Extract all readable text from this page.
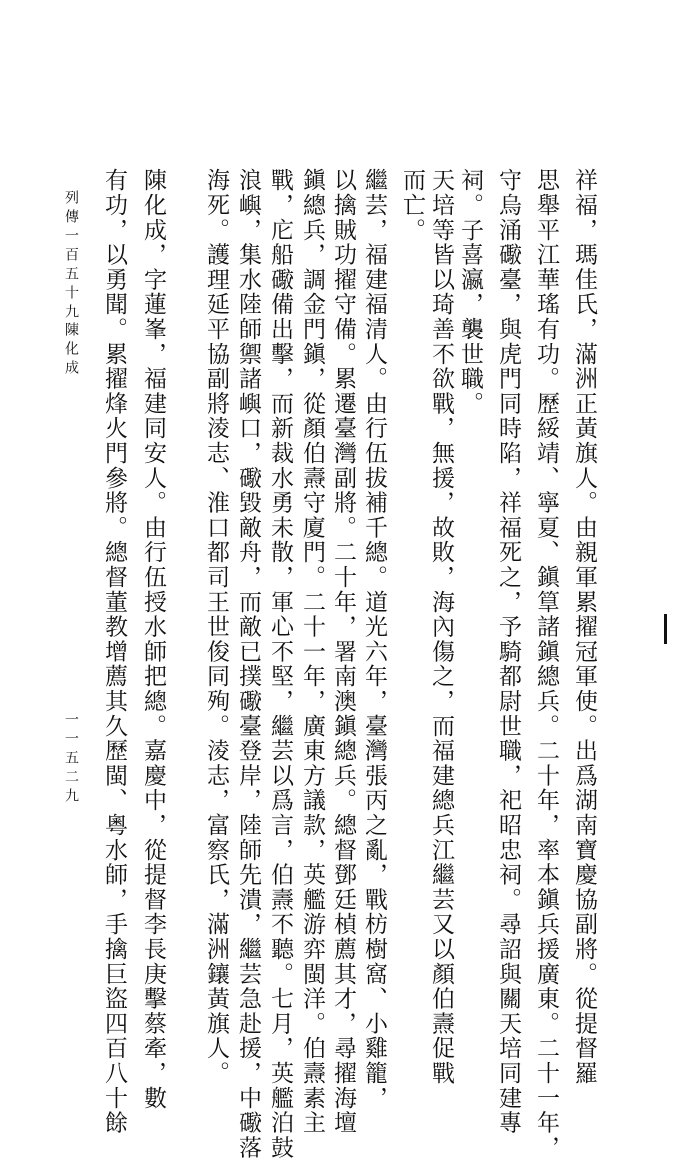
祥福，瑪佳氏，滿洲正黃旗人。由親軍累擢冠軍使。出爲湖南寶慶協副將。從提督羅
思舉平江華瑤有功。歷綏靖、寧夏、鎭筸諸鎭總兵。二十年，率本鎭兵援廣東。二十一年，
守烏涌礮臺，與虎門同時陷，祥福死之，予騎都尉世職，祀昭忠祠。尋詔與關天培同建專
祠。子喜瀛，襲世職。
天培等皆以琦善不欲戰，無援，故敗，海內傷之，而福建總兵江繼芸又以顏伯燾促戰
而亡。
繼芸，福建福清人。由行伍拔補千總。道光六年，臺灣張丙之亂，戰枋樹窩、小雞籠，
以擒賊功擢守備。累遷臺灣副將。二十年，署南澳鎭總兵。總督鄧廷楨薦其才，尋擢海壇
鎭總兵，調金門鎭，從顏伯燾守廈門。二十一年，廣東方議款，英艦游弈閩洋。伯燾素主
戰，庀船礮備出擊，而新裁水勇未散，軍心不堅，繼芸以爲言，伯燾不聽。七月，英艦泊鼓
浪嶼，集水陸師禦諸嶼口，礮毀敵舟，而敵已撲礮臺登岸，陸師先潰，繼芸急赴援，中礮落
海死。護理延平協副將淩志、淮口都司王世俊同殉。淩志，富察氏，滿洲鑲黃旗人。
陳化成，字蓮峯，福建同安人。由行伍授水師把總。嘉慶中，從提督李長庚擊蔡牽，數
有功，以勇聞。累擢烽火門參將。總督董教增薦其久歷閩、粵水師，手擒巨盜四百八十餘
列傳一百五十九
陳化成
一一五二九
